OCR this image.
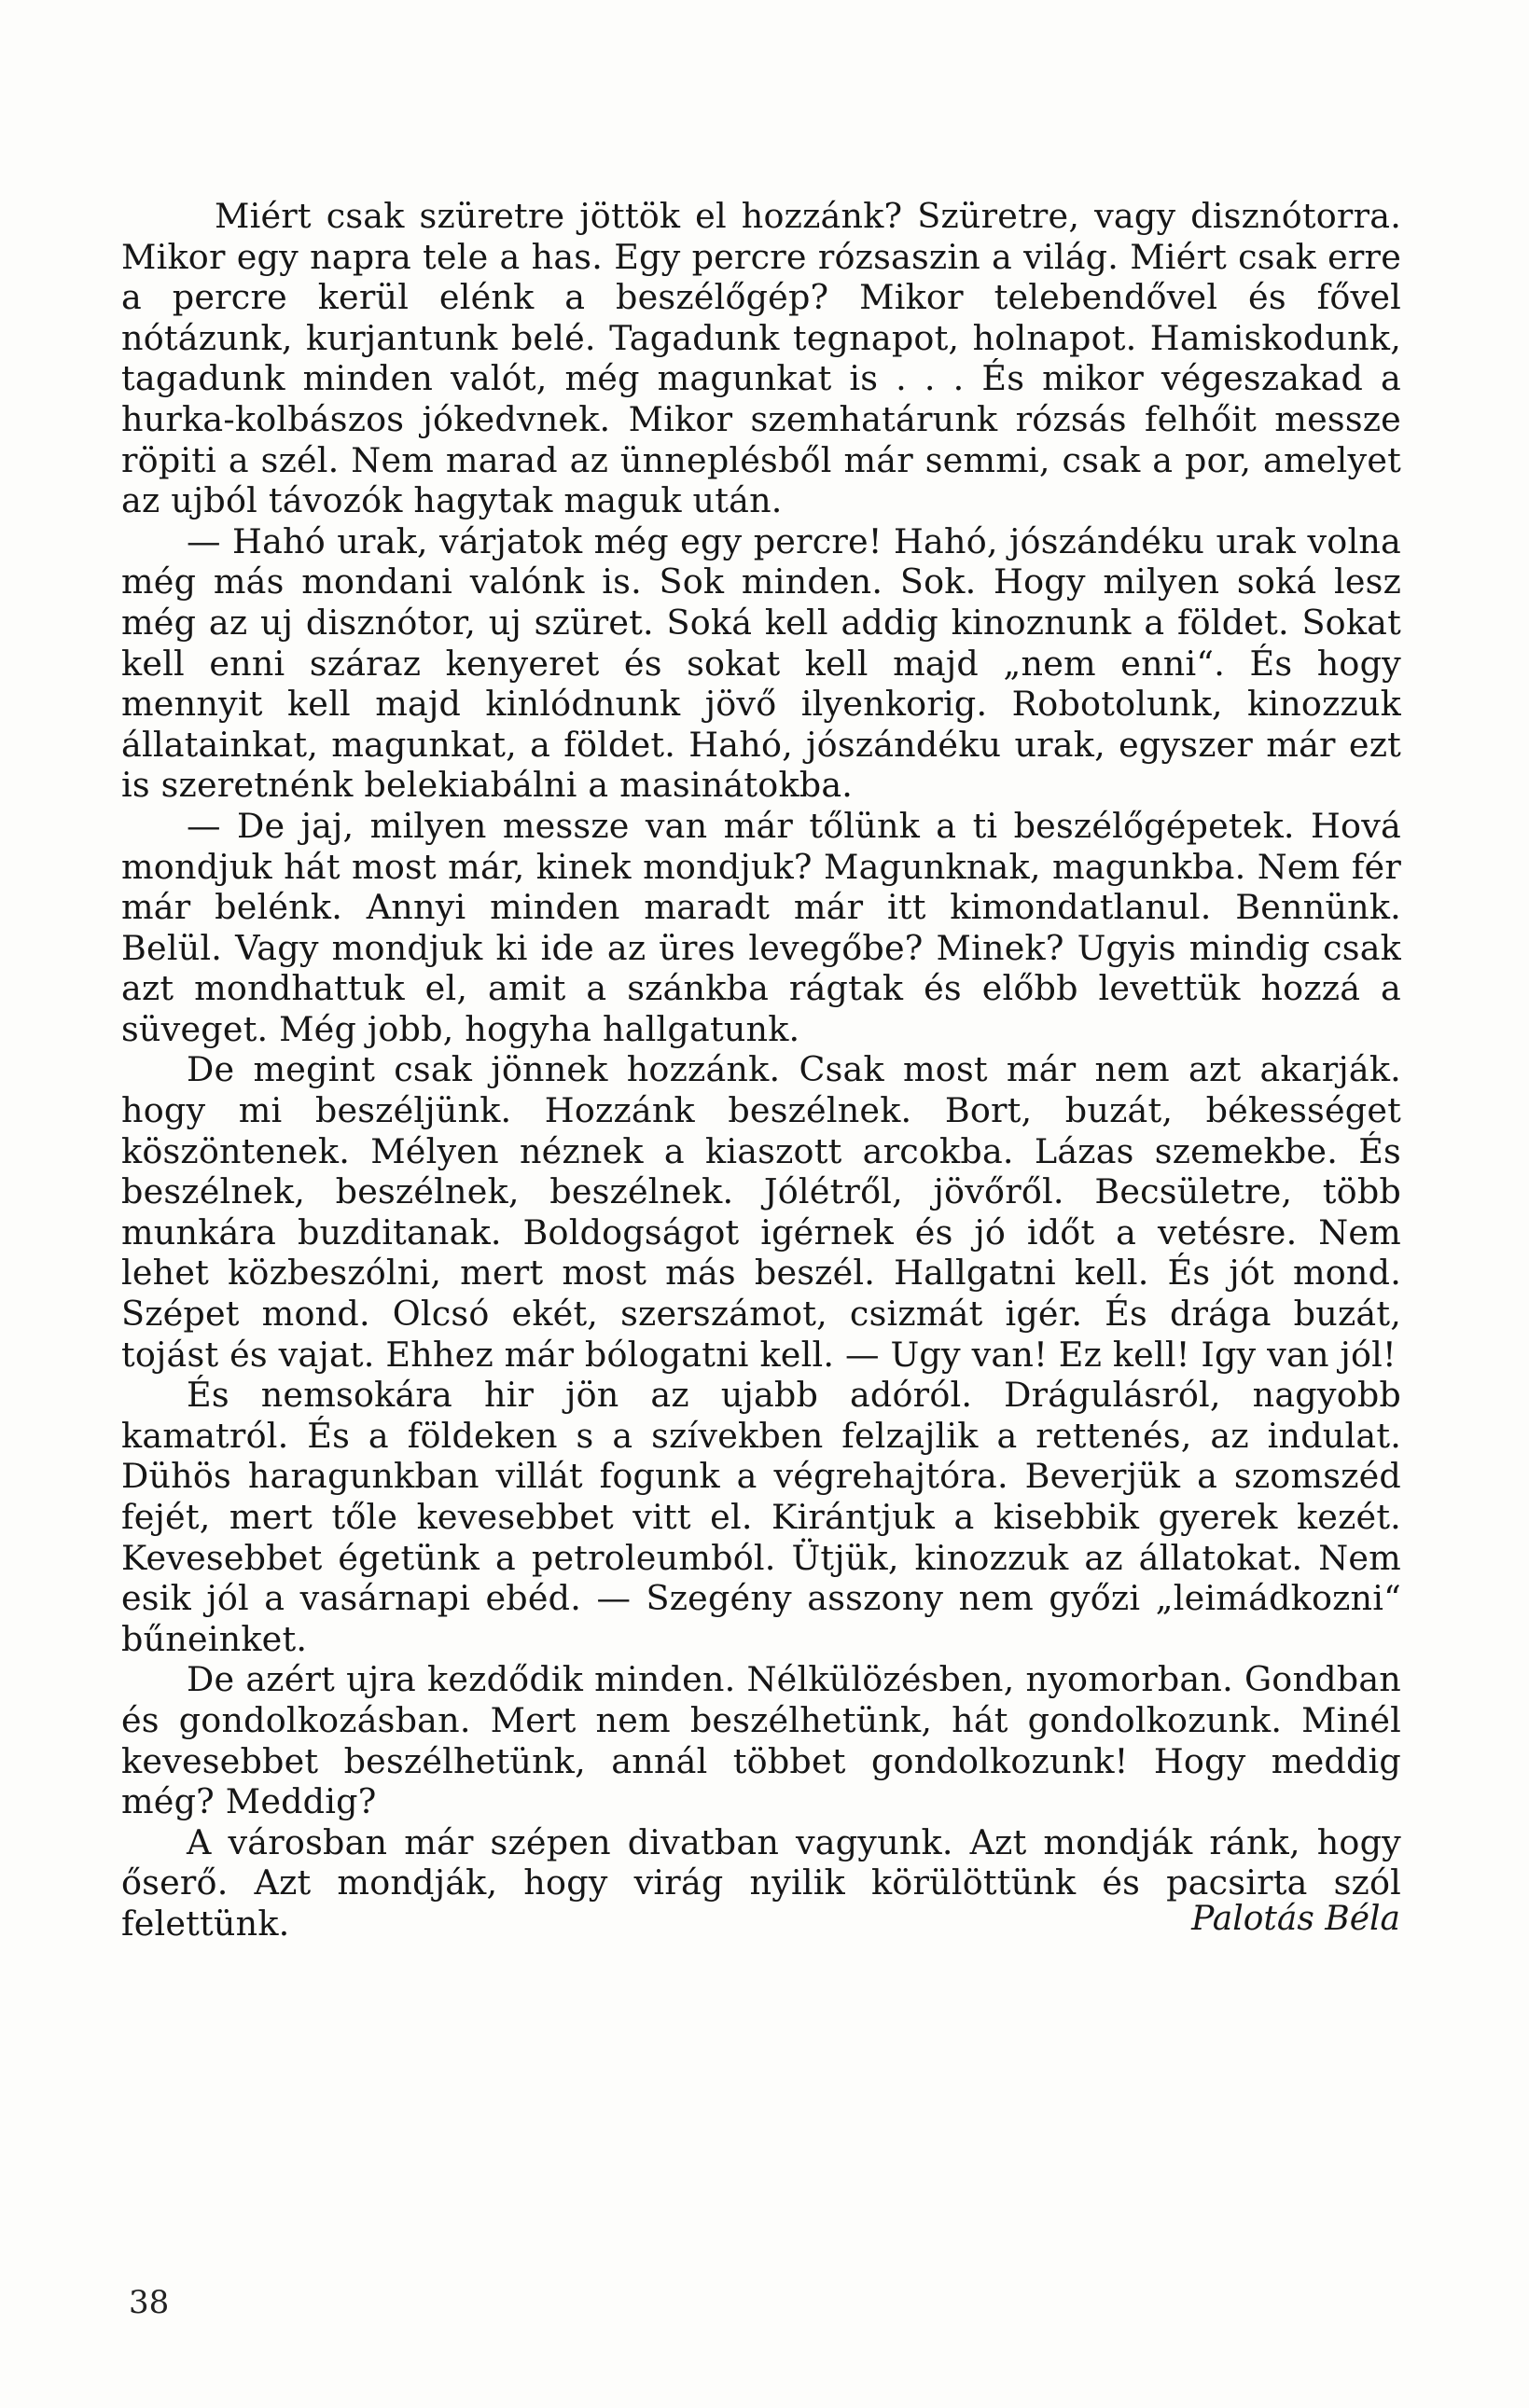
Miért csak szüretre jöttök el hozzánk? Szüretre, vagy disznótorra. Mikor egy napra tele a has. Egy percre rózsaszin a világ. Miért csak erre a percre kerül elénk a beszélőgép? Mikor telebendővel és fővel nótázunk, kurjantunk belé. Tagadunk tegnapot, holnapot. Hamiskodunk, tagadunk minden valót, még magunkat is . . . És mikor végeszakad a hurka-kolbászos jókedvnek. Mikor szemhatárunk rózsás felhőit messze röpiti a szél. Nem marad az ünneplésből már semmi, csak a por, amelyet az ujból távozók hagytak maguk után.

— Hahó urak, várjatok még egy percre! Hahó, jószándéku urak volna még más mondani valónk is. Sok minden. Sok. Hogy milyen soká lesz még az uj disznótor, uj szüret. Soká kell addig kinoznunk a földet. Sokat kell enni száraz kenyeret és sokat kell majd „nem enni“. És hogy mennyit kell majd kinlódnunk jövő ilyenkorig. Robotolunk, kinozzuk állatainkat, magunkat, a földet. Hahó, jószándéku urak, egyszer már ezt is szeretnénk belekiabálni a masinátokba.

— De jaj, milyen messze van már tőlünk a ti beszélőgépetek. Hová mondjuk hát most már, kinek mondjuk? Magunknak, magunkba. Nem fér már belénk. Annyi minden maradt már itt kimondatlanul. Bennünk. Belül. Vagy mondjuk ki ide az üres levegőbe? Minek? Ugyis mindig csak azt mondhattuk el, amit a szánkba rágtak és előbb levettük hozzá a süveget. Még jobb, hogyha hallgatunk.

De megint csak jönnek hozzánk. Csak most már nem azt akarják. hogy mi beszéljünk. Hozzánk beszélnek. Bort, buzát, békességet köszöntenek. Mélyen néznek a kiaszott arcokba. Lázas szemekbe. És beszélnek, beszélnek, beszélnek. Jólétről, jövőről. Becsületre, több munkára buzditanak. Boldogságot igérnek és jó időt a vetésre. Nem lehet közbeszólni, mert most más beszél. Hallgatni kell. És jót mond. Szépet mond. Olcsó ekét, szerszámot, csizmát igér. És drága buzát, tojást és vajat. Ehhez már bólogatni kell. — Ugy van! Ez kell! Igy van jól!

És nemsokára hir jön az ujabb adóról. Drágulásról, nagyobb kamatról. És a földeken s a szívekben felzajlik a rettenés, az indulat. Dühös haragunkban villát fogunk a végrehajtóra. Beverjük a szomszéd fejét, mert tőle kevesebbet vitt el. Kirántjuk a kisebbik gyerek kezét. Kevesebbet égetünk a petroleumból. Ütjük, kinozzuk az állatokat. Nem esik jól a vasárnapi ebéd. — Szegény asszony nem győzi „leimádkozni“ bűneinket.

De azért ujra kezdődik minden. Nélkülözésben, nyomorban. Gondban és gondolkozásban. Mert nem beszélhetünk, hát gondolkozunk. Minél kevesebbet beszélhetünk, annál többet gondolkozunk! Hogy meddig még? Meddig?

A városban már szépen divatban vagyunk. Azt mondják ránk, hogy őserő. Azt mondják, hogy virág nyilik körülöttünk és pacsirta szól felettünk.	Palotás Béla
38
